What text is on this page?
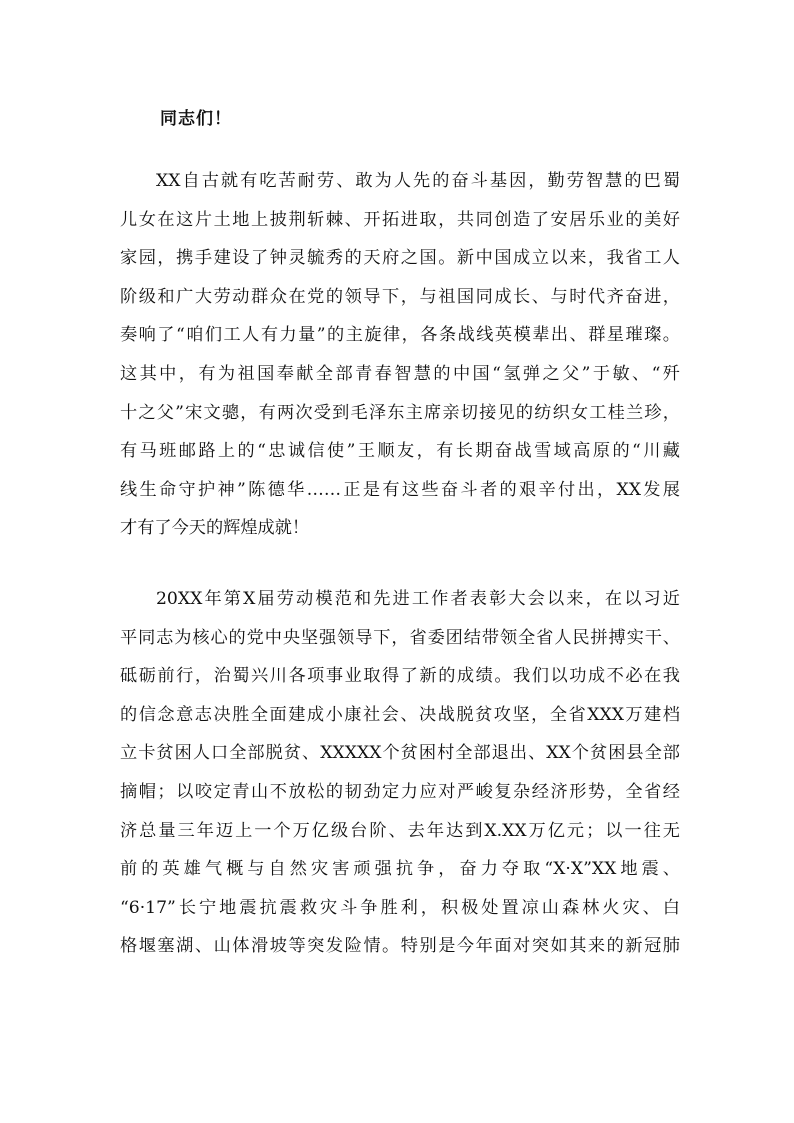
同志们！

XX自古就有吃苦耐劳、敢为人先的奋斗基因，勤劳智慧的巴蜀
儿女在这片土地上披荆斩棘、开拓进取，共同创造了安居乐业的美好
家园，携手建设了钟灵毓秀的天府之国。新中国成立以来，我省工人
阶级和广大劳动群众在党的领导下，与祖国同成长、与时代齐奋进，
奏响了“咱们工人有力量”的主旋律，各条战线英模辈出、群星璀璨。
这其中，有为祖国奉献全部青春智慧的中国“氢弹之父”于敏、“歼
十之父”宋文骢，有两次受到毛泽东主席亲切接见的纺织女工桂兰珍，
有马班邮路上的“忠诚信使”王顺友，有长期奋战雪域高原的“川藏
线生命守护神”陈德华……正是有这些奋斗者的艰辛付出，XX发展
才有了今天的辉煌成就！

20XX年第X届劳动模范和先进工作者表彰大会以来，在以习近
平同志为核心的党中央坚强领导下，省委团结带领全省人民拼搏实干、
砥砺前行，治蜀兴川各项事业取得了新的成绩。我们以功成不必在我
的信念意志决胜全面建成小康社会、决战脱贫攻坚，全省XXX万建档
立卡贫困人口全部脱贫、XXXXX个贫困村全部退出、XX个贫困县全部
摘帽；以咬定青山不放松的韧劲定力应对严峻复杂经济形势，全省经
济总量三年迈上一个万亿级台阶、去年达到X.XX万亿元；以一往无
前的英雄气概与自然灾害顽强抗争，奋力夺取“X·X”XX地震、
“6·17”长宁地震抗震救灾斗争胜利，积极处置凉山森林火灾、白
格堰塞湖、山体滑坡等突发险情。特别是今年面对突如其来的新冠肺
